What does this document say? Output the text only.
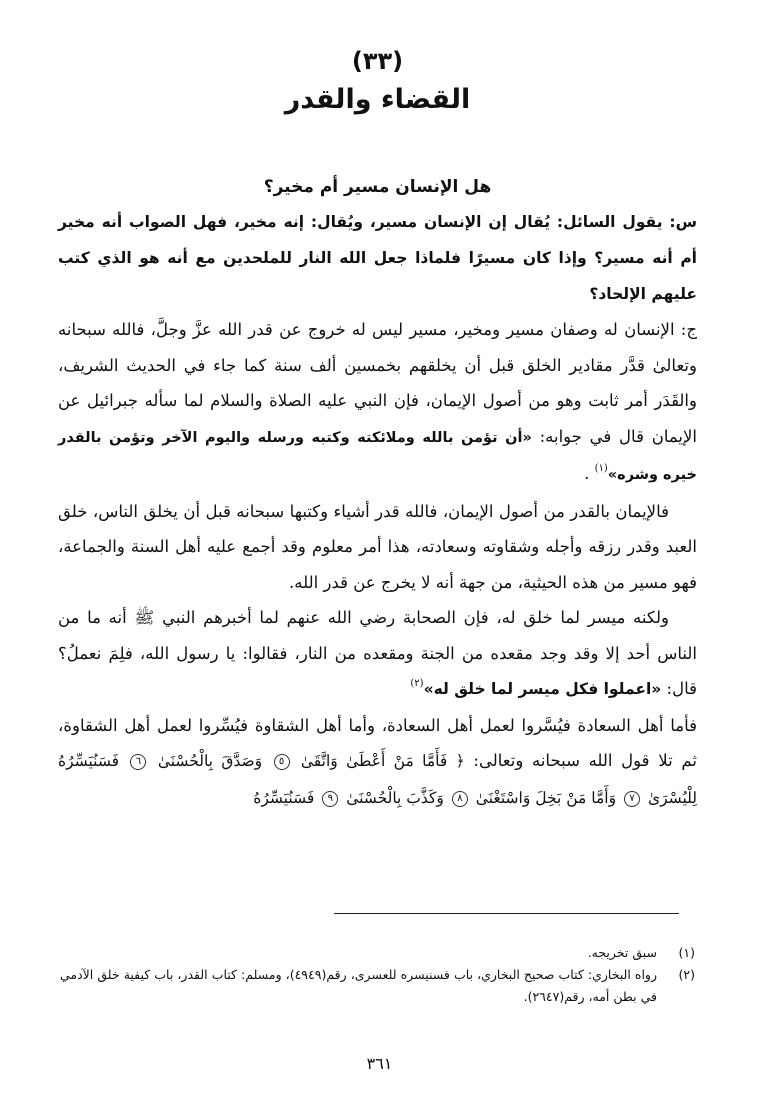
(٣٣)
القضاء والقدر
هل الإنسان مسير أم مخير؟

س: يقول السائل: يُقال إن الإنسان مسير، ويُقال: إنه مخير، فهل الصواب أنه مخير أم أنه مسير؟ وإذا كان مسيرًا فلماذا جعل الله النار للملحدين مع أنه هو الذي كتب عليهم الإلحاد؟

ج: الإنسان له وصفان مسير ومخير، مسير ليس له خروج عن قدر الله عزَّ وجلَّ، فالله سبحانه وتعالىٰ قدَّر مقادير الخلق قبل أن يخلقهم بخمسين ألف سنة كما جاء في الحديث الشريف، والقَدَر أمر ثابت وهو من أصول الإيمان، فإن النبي عليه الصلاة والسلام لما سأله جبرائيل عن الإيمان قال في جوابه: «أن تؤمن بالله وملائكته وكتبه ورسله واليوم الآخر وتؤمن بالقدر خيره وشره»$^{(١)}$ .

فالإيمان بالقدر من أصول الإيمان، فالله قدر أشياء وكتبها سبحانه قبل أن يخلق الناس، خلق العبد وقدر رزقه وأجله وشقاوته وسعادته، هذا أمر معلوم وقد أجمع عليه أهل السنة والجماعة، فهو مسير من هذه الحيثية، من جهة أنه لا يخرج عن قدر الله.

ولكنه ميسر لما خلق له، فإن الصحابة رضي الله عنهم لما أخبرهم النبي ﷺ أنه ما من الناس أحد إلا وقد وجد مقعده من الجنة ومقعده من النار، فقالوا: يا رسول الله، فلِمَ نعملُ؟ قال: «اعملوا فكل ميسر لما خلق له»$^{(٢)}$

فأما أهل السعادة فيُسَّروا لعمل أهل السعادة، وأما أهل الشقاوة فيُسِّروا لعمل أهل الشقاوة، ثم تلا قول الله سبحانه وتعالى: ﴿ فَأَمَّا مَنْ أَعْطَىٰ وَاتَّقَىٰ ٥ وَصَدَّقَ بِالْحُسْنَىٰ ٦ فَسَنُيَسِّرُهُ لِلْيُسْرَىٰ ٧ وَأَمَّا مَنْ بَخِلَ وَاسْتَغْنَىٰ ٨ وَكَذَّبَ بِالْحُسْنَىٰ ٩ فَسَنُيَسِّرُهُ

(١)
سبق تخريجه.

(٢)
رواه البخاري: كتاب صحيح البخاري، باب فسنيسره للعسرى، رقم(٤٩٤٩)، ومسلم: كتاب القدر، باب كيفية خلق الآدمي في بطن أمه، رقم(٢٦٤٧).

٣٦١
